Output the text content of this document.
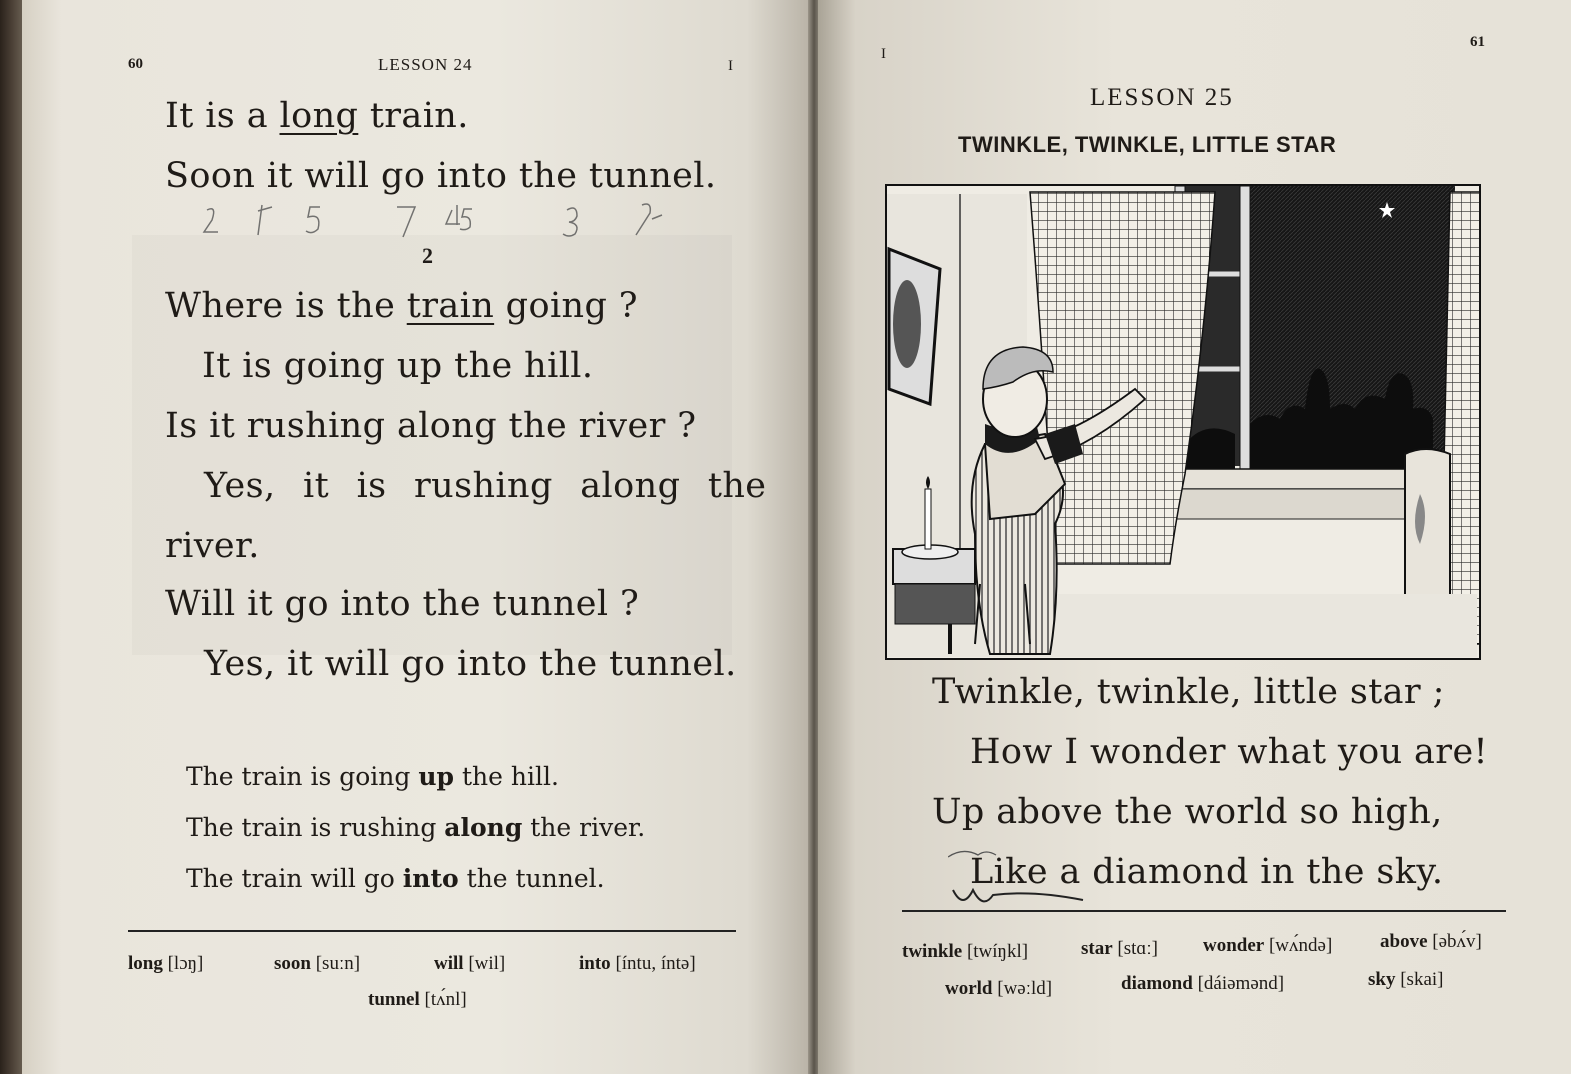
60	LESSON 24	I
It is a long train.
Soon it will go into the tunnel.
2
Where is the train going ?
It is going up the hill.
Is it rushing along the river ?
Yes, it is rushing along the
river.
Will it go into the tunnel ?
Yes, it will go into the tunnel.
The train is going up the hill.
The train is rushing along the river.
The train will go into the tunnel.
long [lɔŋ]	soon [suːn]	will [wil]	into [íntu, íntə]
tunnel [tʌ́nl]
I
61
LESSON 25
TWINKLE, TWINKLE, LITTLE STAR
Twinkle, twinkle, little star ;
How I wonder what you are!
Up above the world so high,
Like a diamond in the sky.
twinkle [twíŋkl]	star [stɑː] wonder [wʌ́ndə]	above [əbʌ́v]
world [wəːld]	diamond [dáiəmənd]	sky [skai]
